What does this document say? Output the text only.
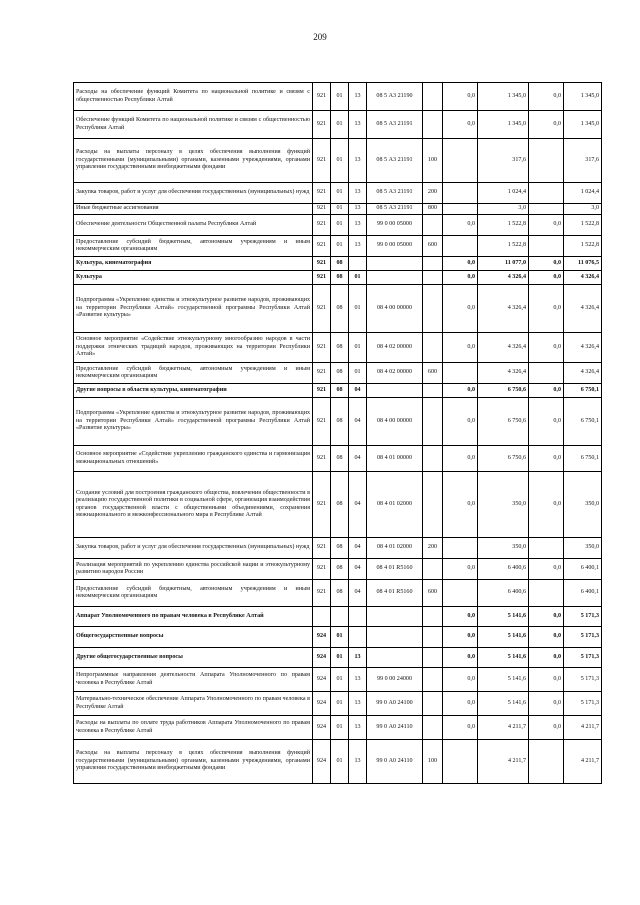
209
Расходы на обеспечение функций Комитета по национальной политике и связям с общественностью Республики Алтай	921	01	13	08 5 А3 21190		0,0	1 345,0	0,0	1 345,0
Обеспечение функций Комитета по национальной политике и связям с общественностью Республики Алтай	921	01	13	08 5 А3 21191		0,0	1 345,0	0,0	1 345,0
Расходы на выплаты персоналу в целях обеспечения выполнения функций государственными (муниципальными) органами, казенными учреждениями, органами управления государственными внебюджетными фондами	921	01	13	08 5 А3 21191	100		317,6		317,6
Закупка товаров, работ и услуг для обеспечения государственных (муниципальных) нужд	921	01	13	08 5 А3 21191	200		1 024,4		1 024,4
Иные бюджетные ассигнования	921	01	13	08 5 А3 21191	800		3,0		3,0
Обеспечение деятельности Общественной палаты Республики Алтай	921	01	13	99 0 00 05000		0,0	1 522,8	0,0	1 522,8
Предоставление субсидий бюджетным, автономным учреждениям и иным некоммерческим организациям	921	01	13	99 0 00 05000	600		1 522,8		1 522,8
Культура, кинематография	921	08				0,0	11 077,0	0,0	11 076,5
Культура	921	08	01			0,0	4 326,4	0,0	4 326,4
Подпрограмма «Укрепление единства и этнокультурное развитие народов, проживающих на территории Республики Алтай» государственной программы Республики Алтай «Развитие культуры»	921	08	01	08 4 00 00000		0,0	4 326,4	0,0	4 326,4
Основное мероприятие «Содействие этнокультурному многообразию народов в части поддержки этнических традиций народов, проживающих на территории Республики Алтай»	921	08	01	08 4 02 00000		0,0	4 326,4	0,0	4 326,4
Предоставление субсидий бюджетным, автономным учреждениям и иным некоммерческим организациям	921	08	01	08 4 02 00000	600		4 326,4		4 326,4
Другие вопросы в области культуры, кинематографии	921	08	04			0,0	6 750,6	0,0	6 750,1
Подпрограмма «Укрепление единства и этнокультурное развитие народов, проживающих на территории Республики Алтай» государственной программы Республики Алтай «Развитие культуры»	921	08	04	08 4 00 00000		0,0	6 750,6	0,0	6 750,1
Основное мероприятие «Содействие укреплению гражданского единства и гармонизация межнациональных отношений»	921	08	04	08 4 01 00000		0,0	6 750,6	0,0	6 750,1
Создание условий для построения гражданского общества, вовлечения общественности в реализацию государственной политики в социальной сфере, организация взаимодействия органов государственной власти с общественными объединениями, сохранения межнационального и межконфессионального мира в Республике Алтай	921	08	04	08 4 01 02000		0,0	350,0	0,0	350,0
Закупка товаров, работ и услуг для обеспечения государственных (муниципальных) нужд	921	08	04	08 4 01 02000	200		350,0		350,0
Реализация мероприятий по укреплению единства российской нации и этнокультурному развитию народов России	921	08	04	08 4 01 R5160		0,0	6 400,6	0,0	6 400,1
Предоставление субсидий бюджетным, автономным учреждениям и иным некоммерческим организациям	921	08	04	08 4 01 R5160	600		6 400,6		6 400,1
Аппарат Уполномоченного по правам человека в Республике Алтай						0,0	5 141,6	0,0	5 171,3
Общегосударственные вопросы	924	01				0,0	5 141,6	0,0	5 171,3
Другие общегосударственные вопросы	924	01	13			0,0	5 141,6	0,0	5 171,3
Непрограммные направления деятельности Аппарата Уполномоченного по правам человека в Республике Алтай	924	01	13	99 0 00 24000		0,0	5 141,6	0,0	5 171,3
Материально-техническое обеспечение Аппарата Уполномоченного по правам человека в Республике Алтай	924	01	13	99 0 А0 24100		0,0	5 141,6	0,0	5 171,3
Расходы на выплаты по оплате труда работников Аппарата Уполномоченного по правам человека в Республике Алтай	924	01	13	99 0 А0 24110		0,0	4 211,7	0,0	4 211,7
Расходы на выплаты персоналу в целях обеспечения выполнения функций государственными (муниципальными) органами, казенными учреждениями, органами управления государственными внебюджетными фондами	924	01	13	99 0 А0 24110	100		4 211,7		4 211,7
